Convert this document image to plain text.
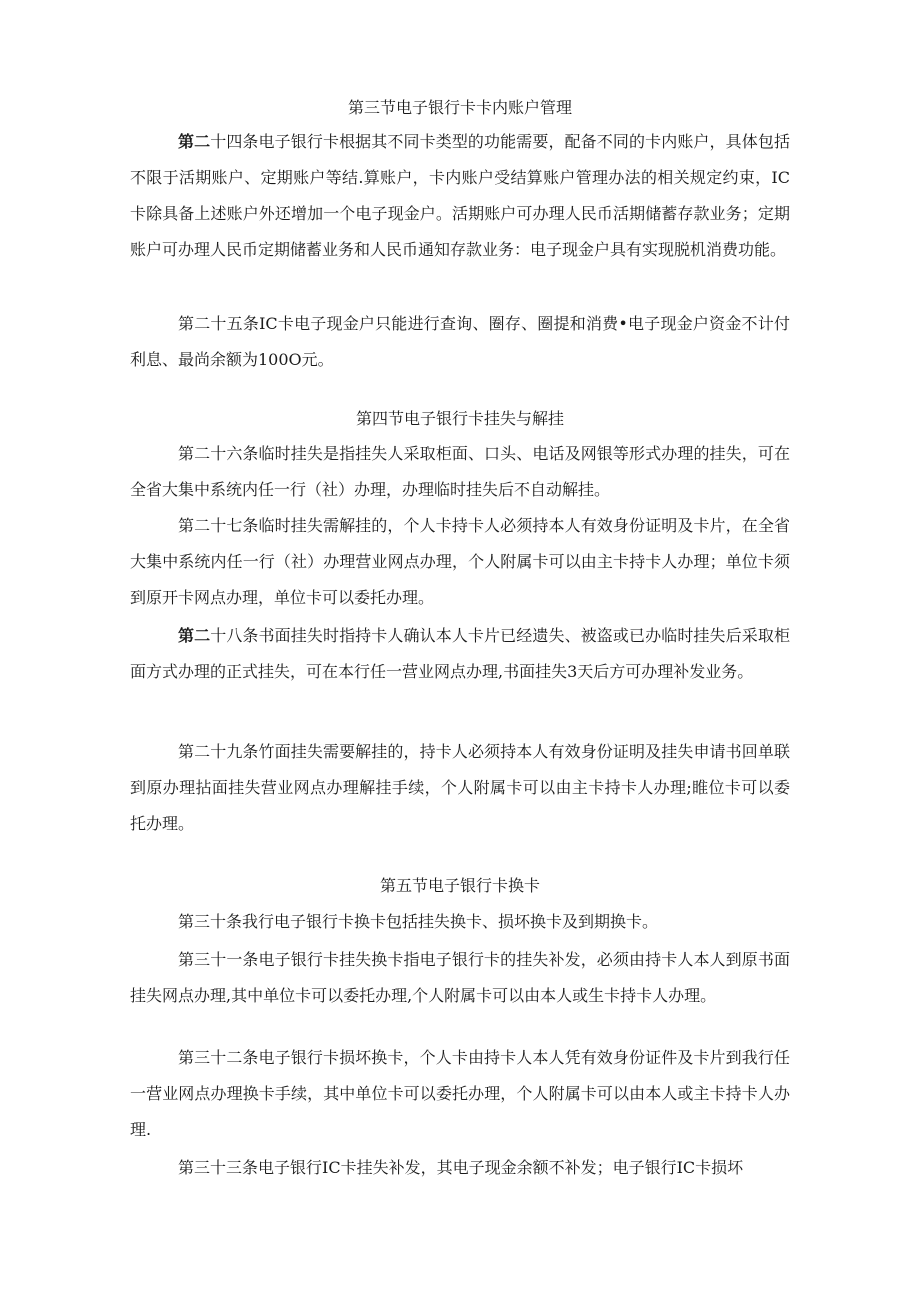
第三节电子银行卡卡内账户管理

第二十四条电子银行卡根据其不同卡类型的功能需要，配备不同的卡内账户，具体包括不限于活期账户、定期账户等结.算账户，卡内账户受结算账户管理办法的相关规定约束，IC卡除具备上述账户外还增加一个电子现金户。活期账户可办理人民币活期储蓄存款业务；定期账户可办理人民币定期储蓄业务和人民币通知存款业务：电子现金户具有实现脱机消费功能。

第二十五条IC卡电子现金户只能进行查询、圈存、圈提和消费•电子现金户资金不计付利息、最尚余额为100O元。

第四节电子银行卡挂失与解挂

第二十六条临时挂失是指挂失人采取柜面、口头、电话及网银等形式办理的挂失，可在全省大集中系统内任一行（社）办理，办理临时挂失后不自动解挂。

第二十七条临时挂失需解挂的，个人卡持卡人必须持本人有效身份证明及卡片，在全省大集中系统内任一行（社）办理营业网点办理，个人附属卡可以由主卡持卡人办理；单位卡须到原开卡网点办理，单位卡可以委托办理。

第二十八条书面挂失时指持卡人确认本人卡片已经遗失、被盗或已办临时挂失后采取柜面方式办理的正式挂失，可在本行任一营业网点办理,书面挂失3天后方可办理补发业务。

第二十九条竹面挂失需要解挂的，持卡人必须持本人有效身份证明及挂失申请书回单联到原办理拈面挂失营业网点办理解挂手续，个人附属卡可以由主卡持卡人办理;睢位卡可以委托办理。

第五节电子银行卡换卡

第三十条我行电子银行卡换卡包括挂失换卡、损坏换卡及到期换卡。

第三十一条电子银行卡挂失换卡指电子银行卡的挂失补发，必须由持卡人本人到原书面挂失网点办理,其中单位卡可以委托办理,个人附属卡可以由本人或生卡持卡人办理。

第三十二条电子银行卡损坏换卡，个人卡由持卡人本人凭有效身份证件及卡片到我行任一营业网点办理换卡手续，其中单位卡可以委托办理，个人附属卡可以由本人或主卡持卡人办理.

第三十三条电子银行IC卡挂失补发，其电子现金余额不补发；电子银行IC卡损坏
